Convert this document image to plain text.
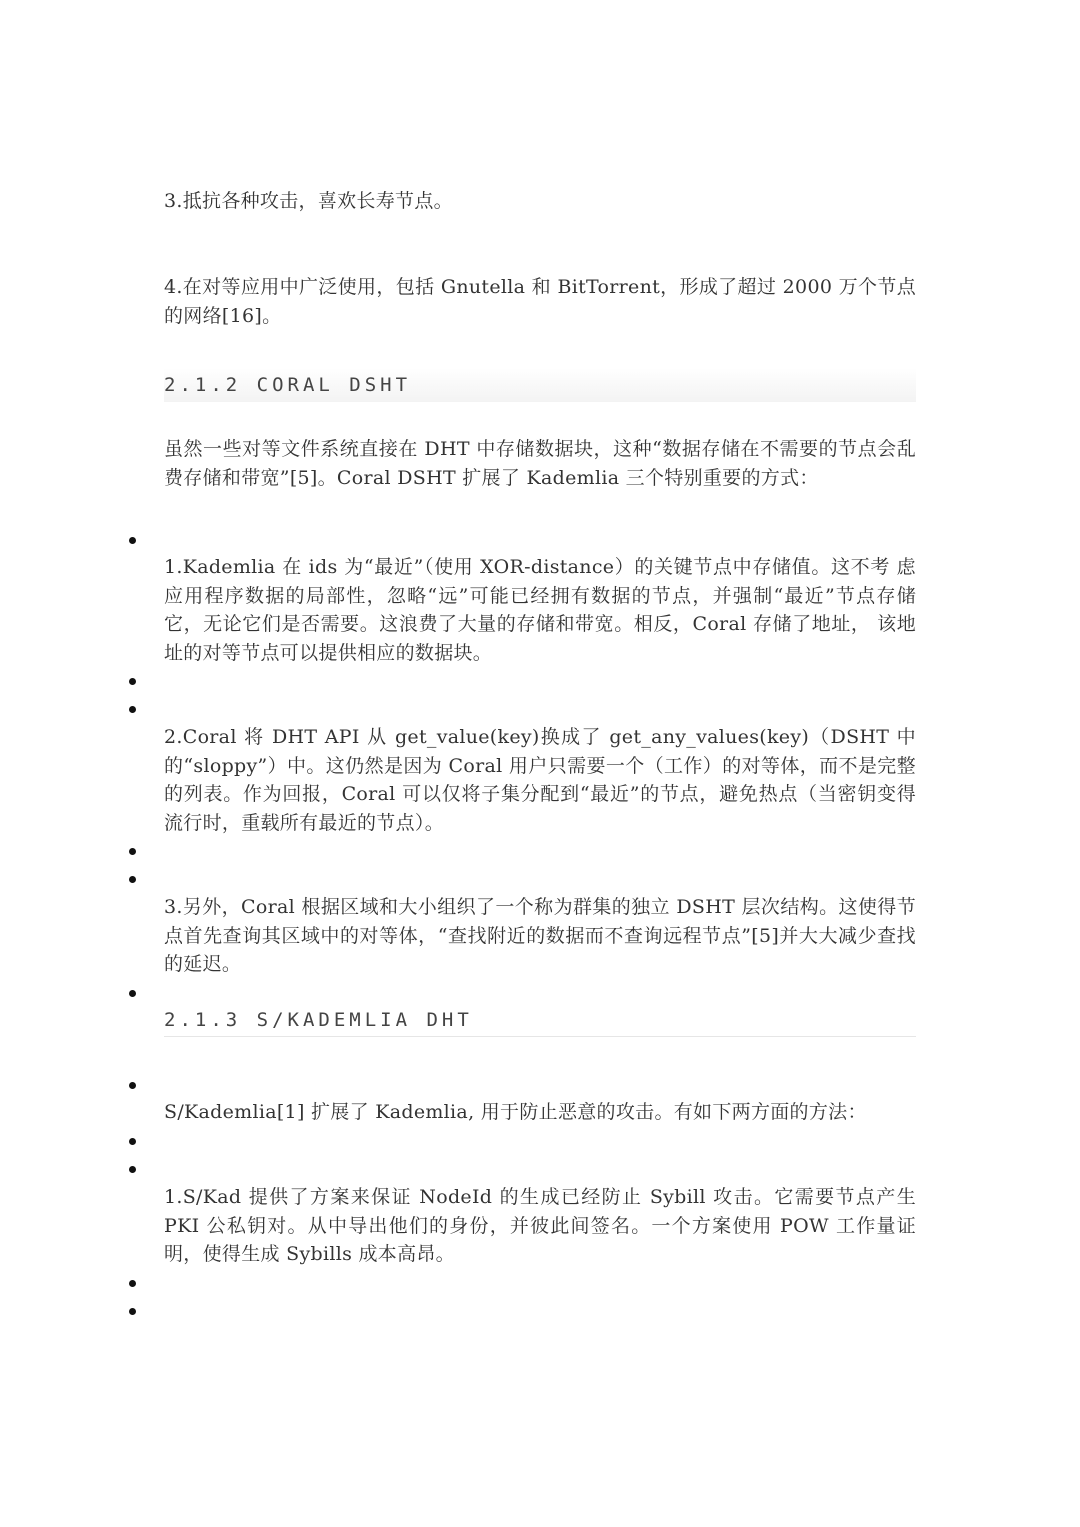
3.抵抗各种攻击，喜欢长寿节点。
4.在对等应用中广泛使用，包括 Gnutella 和 BitTorrent，形成了超过 2000 万个节点的网络[16]。
2.1.2 CORAL DSHT
虽然一些对等文件系统直接在 DHT 中存储数据块，这种“数据存储在不需要的节点会乱费存储和带宽”[5]。Coral DSHT 扩展了 Kademlia 三个特别重要的方式：
1.Kademlia 在 ids 为“最近”（使用 XOR-distance）的关键节点中存储值。这不考 虑应用程序数据的局部性，忽略“远”可能已经拥有数据的节点，并强制“最近”节点存储它，无论它们是否需要。这浪费了大量的存储和带宽。相反，Coral 存储了地址， 该地址的对等节点可以提供相应的数据块。
2.Coral 将 DHT API 从 get_value(key)换成了 get_any_values(key)（DSHT 中的“sloppy”）中。这仍然是因为 Coral 用户只需要一个（工作）的对等体，而不是完整的列表。作为回报，Coral 可以仅将子集分配到“最近”的节点，避免热点（当密钥变得流行时，重载所有最近的节点）。
3.另外，Coral 根据区域和大小组织了一个称为群集的独立 DSHT 层次结构。这使得节点首先查询其区域中的对等体，“查找附近的数据而不查询远程节点”[5]并大大减少查找的延迟。
2.1.3 S/KADEMLIA DHT
S/Kademlia[1] 扩展了 Kademlia, 用于防止恶意的攻击。有如下两方面的方法：
1.S/Kad 提供了方案来保证 NodeId 的生成已经防止 Sybill 攻击。它需要节点产生 PKI 公私钥对。从中导出他们的身份，并彼此间签名。一个方案使用 POW 工作量证明，使得生成 Sybills 成本高昂。
